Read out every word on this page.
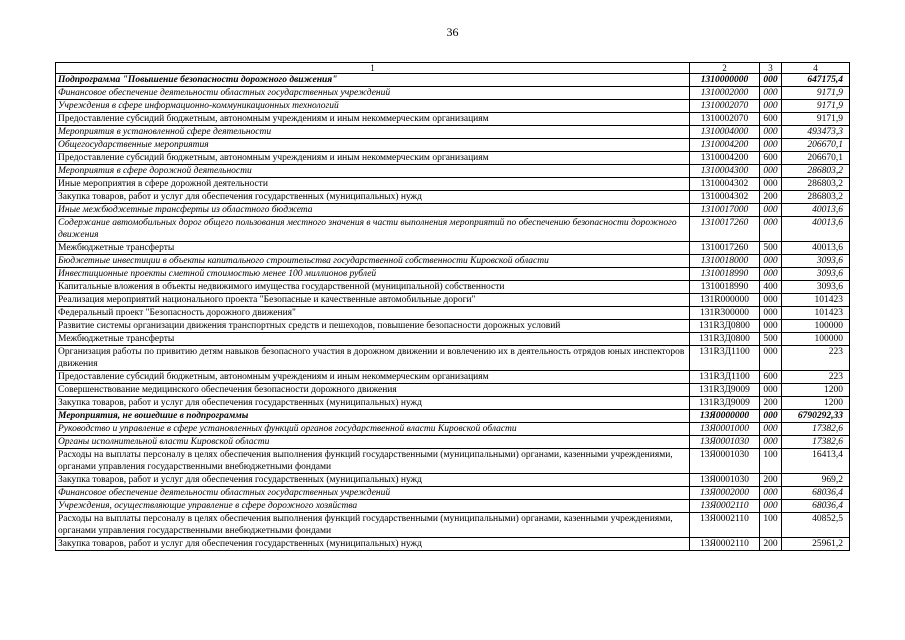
36
1	2	3	4
Подпрограмма "Повышение безопасности дорожного движения"	1310000000	000	647175,4
Финансовое обеспечение деятельности областных государственных учреждений	1310002000	000	9171,9
Учреждения в сфере информационно-коммуникационных технологий	1310002070	000	9171,9
Предоставление субсидий бюджетным, автономным учреждениям и иным некоммерческим организациям	1310002070	600	9171,9
Мероприятия в установленной сфере деятельности	1310004000	000	493473,3
Общегосударственные мероприятия	1310004200	000	206670,1
Предоставление субсидий бюджетным, автономным учреждениям и иным некоммерческим организациям	1310004200	600	206670,1
Мероприятия в сфере дорожной деятельности	1310004300	000	286803,2
Иные мероприятия в сфере дорожной деятельности	1310004302	000	286803,2
Закупка товаров, работ и услуг для обеспечения государственных (муниципальных) нужд	1310004302	200	286803,2
Иные межбюджетные трансферты из областного бюджета	1310017000	000	40013,6
Содержание автомобильных дорог общего пользования местного значения в части выполнения мероприятий по обеспечению безопасности дорожного движения	1310017260	000	40013,6
Межбюджетные трансферты	1310017260	500	40013,6
Бюджетные инвестиции в объекты капитального строительства государственной собственности Кировской области	1310018000	000	3093,6
Инвестиционные проекты сметной стоимостью менее 100 миллионов рублей	1310018990	000	3093,6
Капитальные вложения в объекты недвижимого имущества государственной (муниципальной) собственности	1310018990	400	3093,6
Реализация мероприятий национального проекта "Безопасные и качественные автомобильные дороги"	131R000000	000	101423
Федеральный проект "Безопасность дорожного движения"	131R300000	000	101423
Развитие системы организации движения транспортных средств и пешеходов, повышение безопасности дорожных условий	131R3Д0800	000	100000
Межбюджетные трансферты	131R3Д0800	500	100000
Организация работы по привитию детям навыков безопасного участия в дорожном движении и вовлечению их в деятельность отрядов юных инспекторов движения	131R3Д1100	000	223
Предоставление субсидий бюджетным, автономным учреждениям и иным некоммерческим организациям	131R3Д1100	600	223
Совершенствование медицинского обеспечения безопасности дорожного движения	131R3Д9009	000	1200
Закупка товаров, работ и услуг для обеспечения государственных (муниципальных) нужд	131R3Д9009	200	1200
Мероприятия, не вошедшие в подпрограммы	13Я0000000	000	6790292,33
Руководство и управление в сфере установленных функций органов государственной власти Кировской области	13Я0001000	000	17382,6
Органы исполнительной власти Кировской области	13Я0001030	000	17382,6
Расходы на выплаты персоналу в целях обеспечения выполнения функций государственными (муниципальными) органами, казенными учреждениями, органами управления государственными внебюджетными фондами	13Я0001030	100	16413,4
Закупка товаров, работ и услуг для обеспечения государственных (муниципальных) нужд	13Я0001030	200	969,2
Финансовое обеспечение деятельности областных государственных учреждений	13Я0002000	000	68036,4
Учреждения, осуществляющие управление в сфере дорожного хозяйства	13Я0002110	000	68036,4
Расходы на выплаты персоналу в целях обеспечения выполнения функций государственными (муниципальными) органами, казенными учреждениями, органами управления государственными внебюджетными фондами	13Я0002110	100	40852,5
Закупка товаров, работ и услуг для обеспечения государственных (муниципальных) нужд	13Я0002110	200	25961,2
